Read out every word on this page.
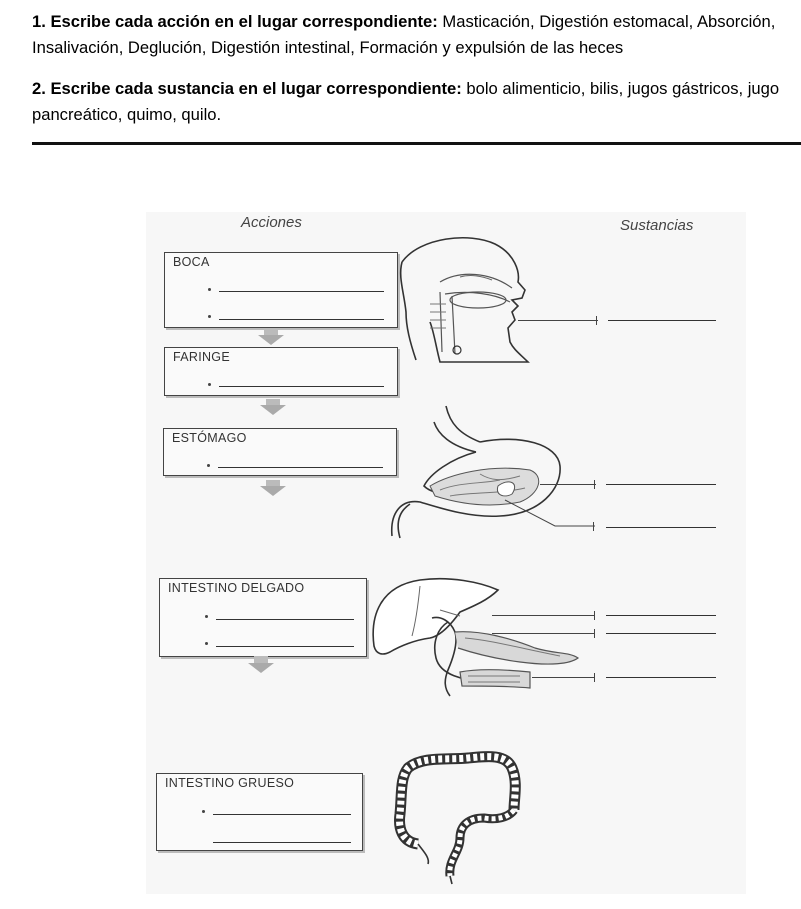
1. Escribe cada acción en el lugar correspondiente: Masticación, Digestión estomacal, Absorción, Insalivación, Deglución, Digestión intestinal, Formación y expulsión de las heces
2. Escribe cada sustancia en el lugar correspondiente: bolo alimenticio, bilis, jugos gástricos, jugo pancreático, quimo, quilo.
Acciones	Sustancias
BOCA
FARINGE
ESTÓMAGO
INTESTINO DELGADO
INTESTINO GRUESO
